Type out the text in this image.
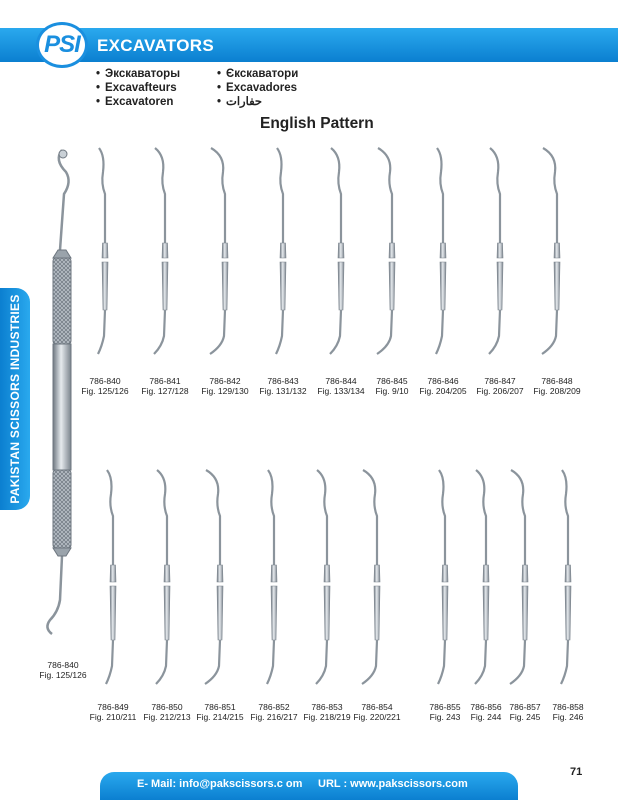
PSI	EXCAVATORS
• Экскаваторы
• Excavafteurs
• Excavatoren
• Єкскаватори
• Excavadores
• حفارات
English Pattern
PAKISTAN SCISSORS INDUSTRIES	786-840
Fig. 125/126
786-841
Fig. 127/128
786-842
Fig. 129/130
786-843
Fig. 131/132
786-844
Fig. 133/134
786-845
Fig. 9/10
786-846
Fig. 204/205
786-847
Fig. 206/207
786-848
Fig. 208/209
786-849
Fig. 210/211
786-850
Fig. 212/213
786-851
Fig. 214/215
786-852
Fig. 216/217
786-853
Fig. 218/219
786-854
Fig. 220/221
786-855
Fig. 243
786-856
Fig. 244
786-857
Fig. 245
786-858
Fig. 246
786-840
Fig. 125/126
E- Mail: info@pakscissors.c om URL : www.pakscissors.com
71
